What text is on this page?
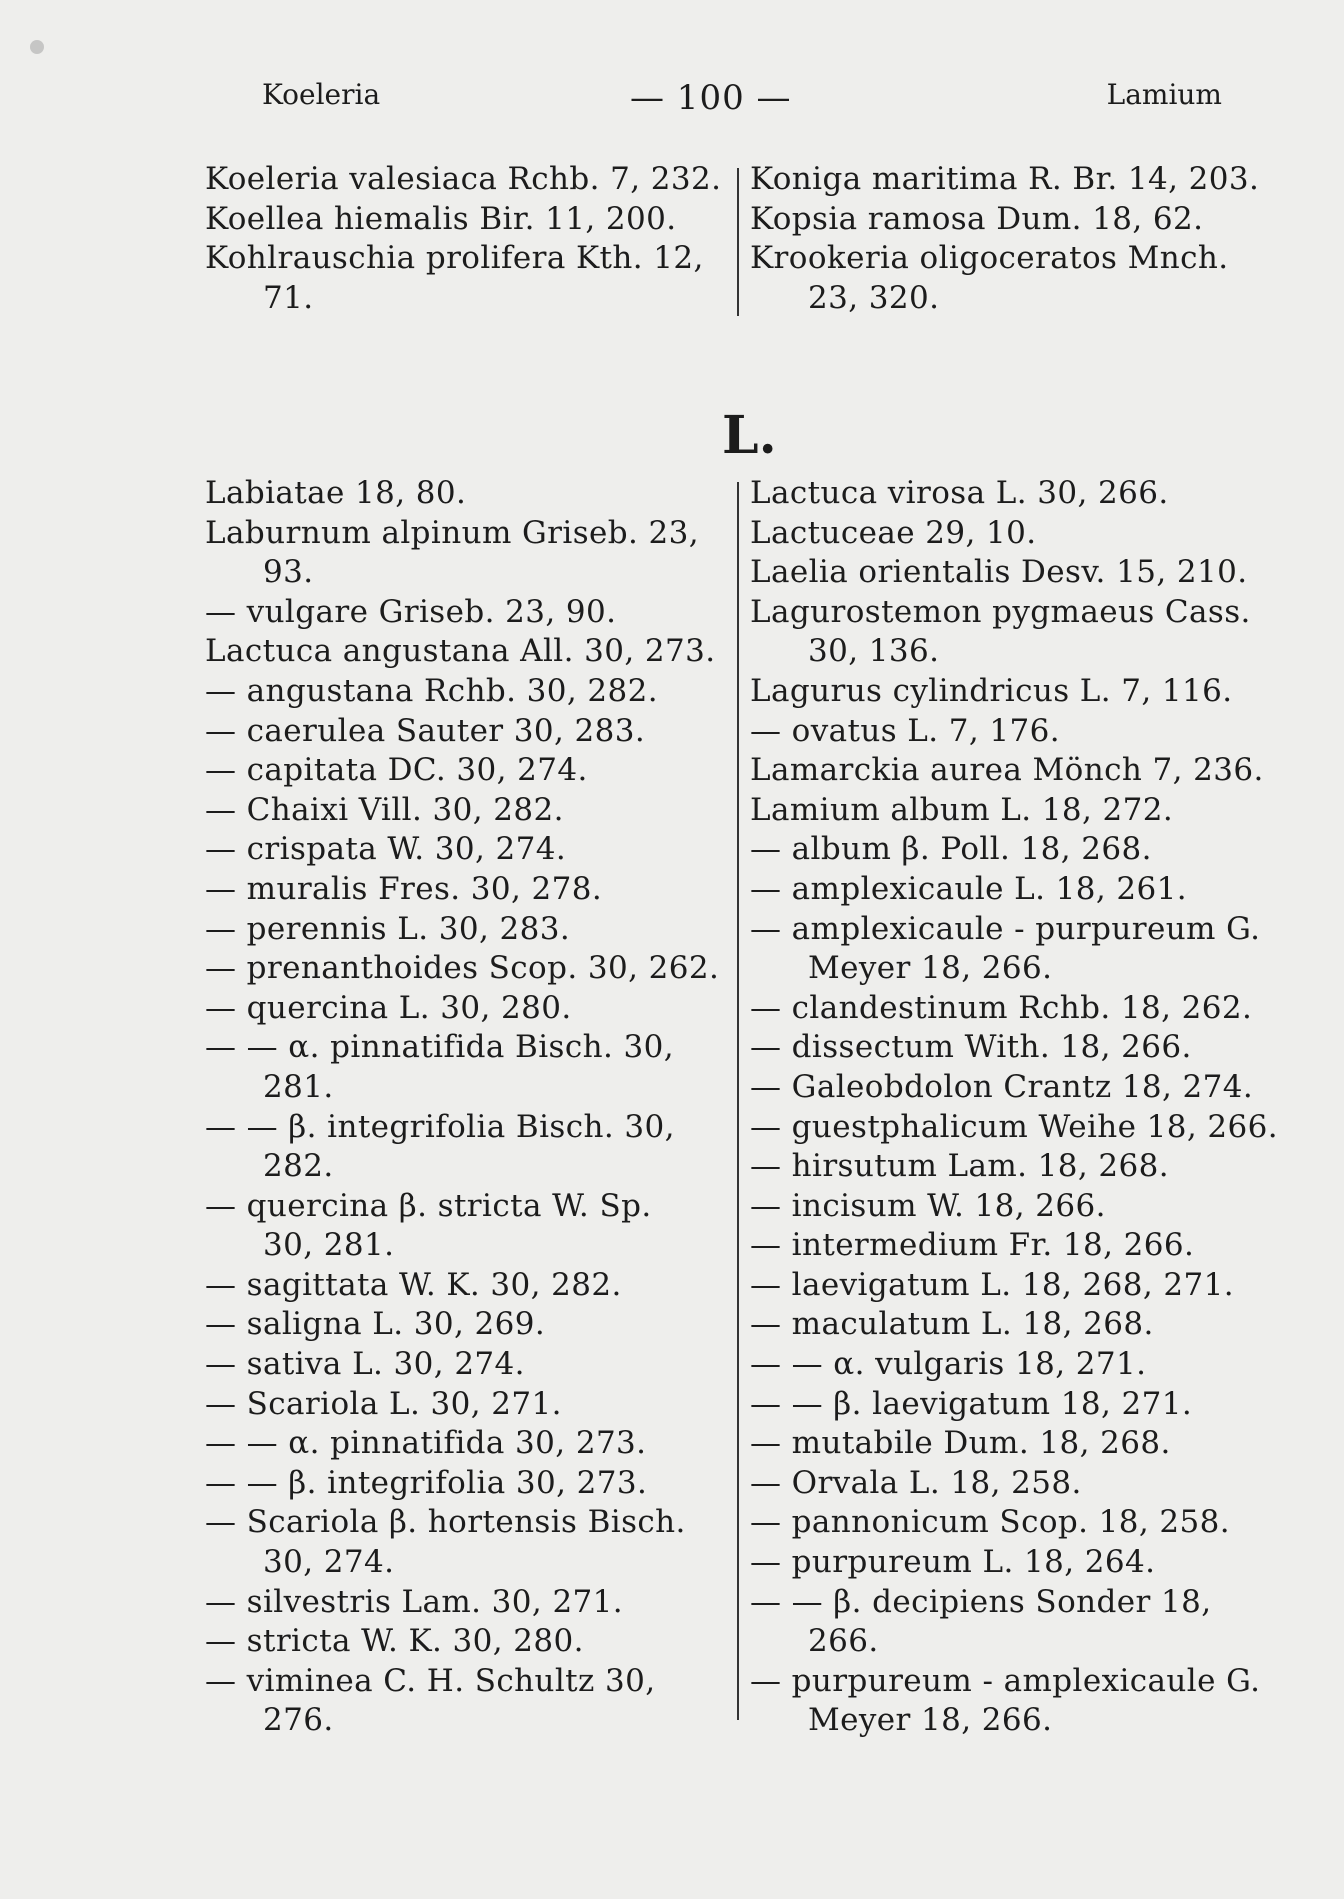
Koeleria	— 100 —	Lamium
Koeleria valesiaca Rchb. 7, 232.
Koellea hiemalis Bir. 11, 200.
Kohlrauschia prolifera Kth. 12,

71.
Koniga maritima R. Br. 14, 203.
Kopsia ramosa Dum. 18, 62.
Krookeria oligoceratos Mnch.

23, 320.
L.
Labiatae 18, 80.
Laburnum alpinum Griseb. 23,

93.
— vulgare Griseb. 23, 90.
Lactuca angustana All. 30, 273.
— angustana Rchb. 30, 282.
— caerulea Sauter 30, 283.
— capitata DC. 30, 274.
— Chaixi Vill. 30, 282.
— crispata W. 30, 274.
— muralis Fres. 30, 278.
— perennis L. 30, 283.
— prenanthoides Scop. 30, 262.
— quercina L. 30, 280.
— — α. pinnatifida Bisch. 30,

281.
— — β. integrifolia Bisch. 30,

282.
— quercina β. stricta W. Sp.

30, 281.
— sagittata W. K. 30, 282.
— saligna L. 30, 269.
— sativa L. 30, 274.
— Scariola L. 30, 271.
— — α. pinnatifida 30, 273.
— — β. integrifolia 30, 273.
— Scariola β. hortensis Bisch.

30, 274.
— silvestris Lam. 30, 271.
— stricta W. K. 30, 280.
— viminea C. H. Schultz 30,

276.
Lactuca virosa L. 30, 266.
Lactuceae 29, 10.
Laelia orientalis Desv. 15, 210.
Lagurostemon pygmaeus Cass.

30, 136.
Lagurus cylindricus L. 7, 116.
— ovatus L. 7, 176.
Lamarckia aurea Mönch 7, 236.
Lamium album L. 18, 272.
— album β. Poll. 18, 268.
— amplexicaule L. 18, 261.
— amplexicaule - purpureum G.

Meyer 18, 266.
— clandestinum Rchb. 18, 262.
— dissectum With. 18, 266.
— Galeobdolon Crantz 18, 274.
— guestphalicum Weihe 18, 266.
— hirsutum Lam. 18, 268.
— incisum W. 18, 266.
— intermedium Fr. 18, 266.
— laevigatum L. 18, 268, 271.
— maculatum L. 18, 268.
— — α. vulgaris 18, 271.
— — β. laevigatum 18, 271.
— mutabile Dum. 18, 268.
— Orvala L. 18, 258.
— pannonicum Scop. 18, 258.
— purpureum L. 18, 264.
— — β. decipiens Sonder 18,

266.
— purpureum - amplexicaule G.

Meyer 18, 266.
